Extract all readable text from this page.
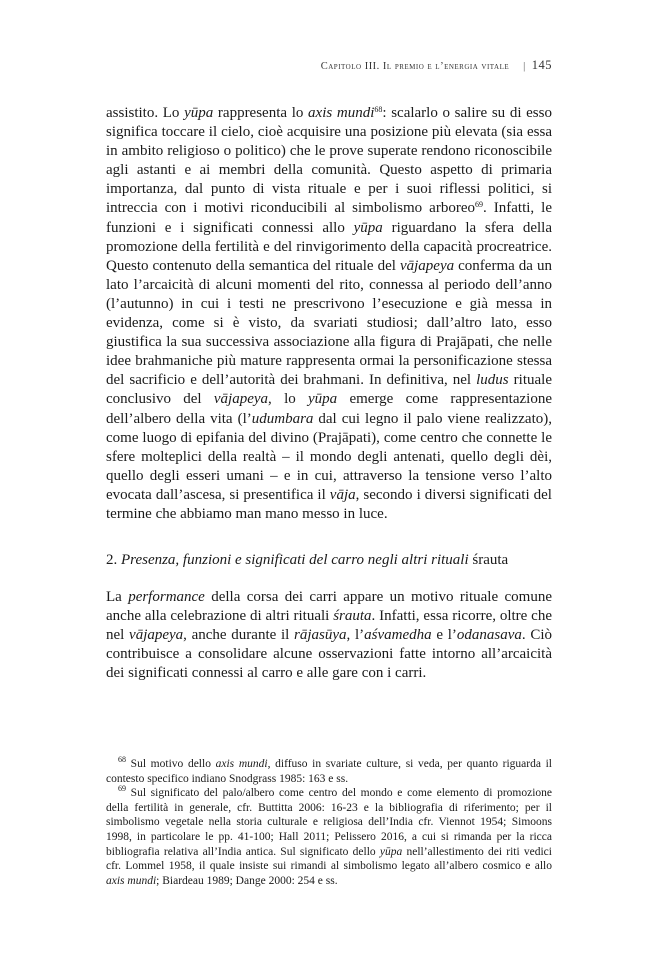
Capitolo III. Il premio e l’energia vitale | 145

assistito. Lo yūpa rappresenta lo axis mundi$^{68}$: scalarlo o salire su di esso significa toccare il cielo, cioè acquisire una posizione più elevata (sia essa in ambito religioso o politico) che le prove superate rendono riconoscibile agli astanti e ai membri della comunità. Questo aspetto di primaria importanza, dal punto di vista rituale e per i suoi riflessi politici, si intreccia con i motivi riconducibili al simbolismo arboreo$^{69}$. Infatti, le funzioni e i significati connessi allo yūpa riguardano la sfera della promozione della fertilità e del rinvigorimento della capacità procreatrice. Questo contenuto della semantica del rituale del vājapeya conferma da un lato l’arcaicità di alcuni momenti del rito, connessa al periodo dell’anno (l’autunno) in cui i testi ne prescrivono l’esecuzione e già messa in evidenza, come si è visto, da svariati studiosi; dall’altro lato, esso giustifica la sua successiva associazione alla figura di Prajāpati, che nelle idee brahmaniche più mature rappresenta ormai la personificazione stessa del sacrificio e dell’autorità dei brahmani. In definitiva, nel ludus rituale conclusivo del vājapeya, lo yūpa emerge come rappresentazione dell’albero della vita (l’udumbara dal cui legno il palo viene realizzato), come luogo di epifania del divino (Prajāpati), come centro che connette le sfere molteplici della realtà – il mondo degli antenati, quello degli dèi, quello degli esseri umani – e in cui, attraverso la tensione verso l’alto evocata dall’ascesa, si presentifica il vāja, secondo i diversi significati del termine che abbiamo man mano messo in luce.

2. Presenza, funzioni e significati del carro negli altri rituali śrauta

La performance della corsa dei carri appare un motivo rituale comune anche alla celebrazione di altri rituali śrauta. Infatti, essa ricorre, oltre che nel vājapeya, anche durante il rājasūya, l’aśvamedha e l’odanasava. Ciò contribuisce a consolidare alcune osservazioni fatte intorno all’arcaicità dei significati connessi al carro e alle gare con i carri.

$^{68}$ Sul motivo dello axis mundi, diffuso in svariate culture, si veda, per quanto riguarda il contesto specifico indiano Snodgrass 1985: 163 e ss.

$^{69}$ Sul significato del palo/albero come centro del mondo e come elemento di promozione della fertilità in generale, cfr. Buttitta 2006: 16-23 e la bibliografia di riferimento; per il simbolismo vegetale nella storia culturale e religiosa dell’India cfr. Viennot 1954; Simoons 1998, in particolare le pp. 41-100; Hall 2011; Pelissero 2016, a cui si rimanda per la ricca bibliografia relativa all’India antica. Sul significato dello yūpa nell’allestimento dei riti vedici cfr. Lommel 1958, il quale insiste sui rimandi al simbolismo legato all’albero cosmico e allo axis mundi; Biardeau 1989; Dange 2000: 254 e ss.
